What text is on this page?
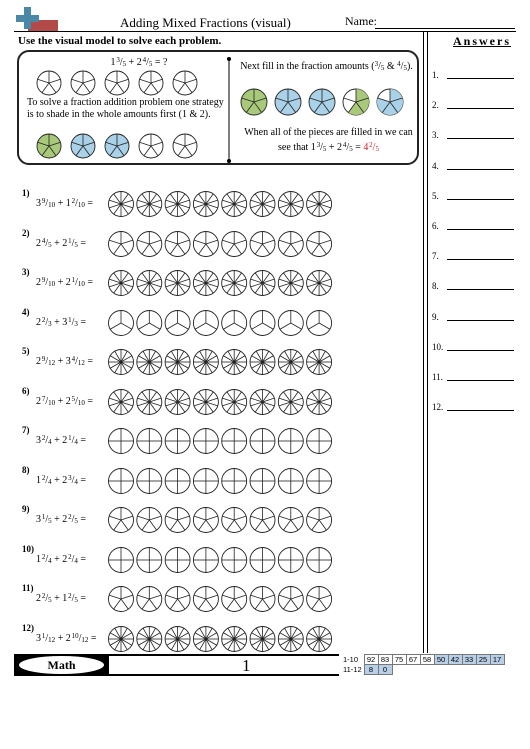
Adding Mixed Fractions (visual)	Name:
Use the visual model to solve each problem.
1 $^3/_5 + 2$ $^4/_5$ = ?
To solve a fraction addition problem one strategy is to shade in the whole amounts first (1 & 2).
Next fill in the fraction amounts ($^3/_5$ & $^4/_5$).
When all of the pieces are filled in we can see that 1 $^3/_5 + 2$ $^4/_5 = 4$ $^2/_5$
1)
3 $^9/_{10} + 1$ $^2/_{10}$ =
2)
2 $^4/_5 + 2$ $^1/_5$ =
3)
2 $^9/_{10} + 2$ $^1/_{10}$ =
4)
2 $^2/_3 + 3$ $^1/_3$ =
5)
2 $^9/_{12} + 3$ $^4/_{12}$ =
6)
2 $^7/_{10} + 2$ $^5/_{10}$ =
7)
3 $^2/_4 + 2$ $^1/_4$ =
8)
1 $^2/_4 + 2$ $^3/_4$ =
9)
3 $^1/_5 + 2$ $^2/_5$ =
10)
1 $^2/_4 + 2$ $^2/_4$ =
11)
2 $^2/_5 + 1$ $^2/_5$ =
12)
3 $^1/_{12} + 2$ $^{10}/_{12}$ =
Answers
1.
2.
3.
4.
5.
6.
7.
8.
9.
10.
11.
12.
Math	1	1-10	92	83	75	67	58	50	42	33	25	17
11-12	8	0								
